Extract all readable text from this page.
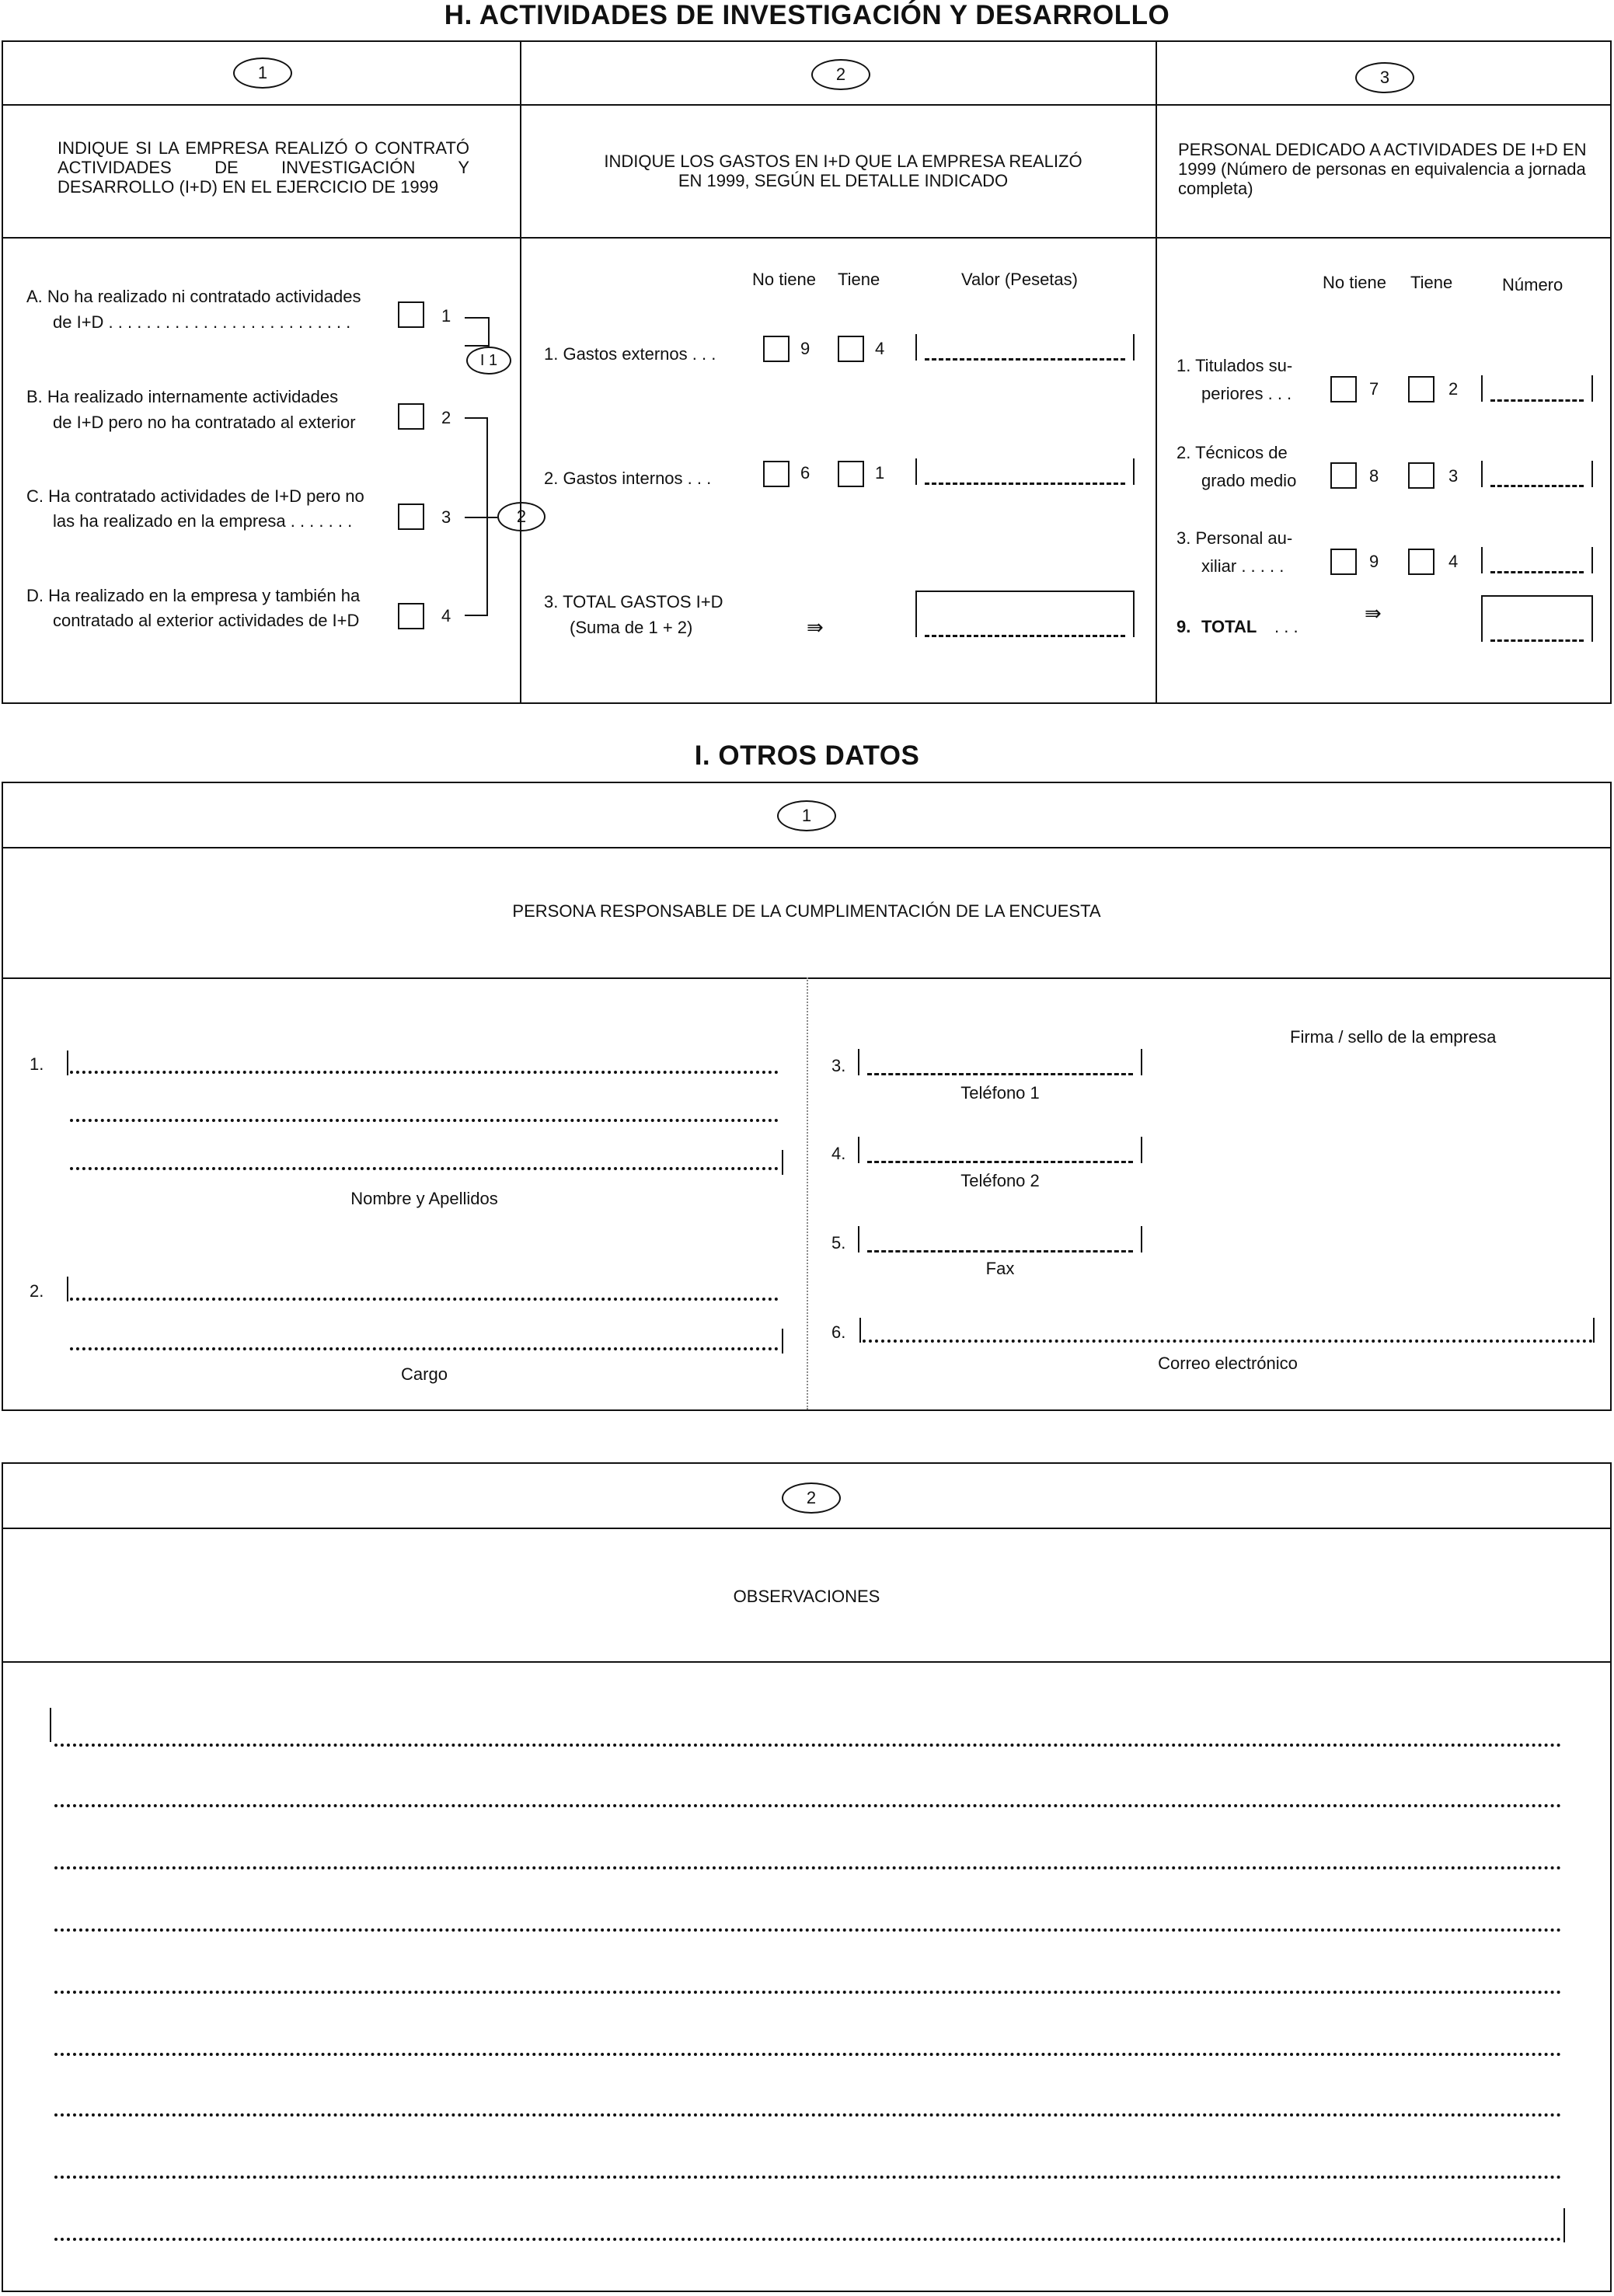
H. ACTIVIDADES DE INVESTIGACIÓN Y DESARROLLO
1	2	3
INDIQUE SI LA EMPRESA REALIZÓ O CONTRATÓ ACTIVIDADES DE INVESTIGACIÓN Y DESARROLLO (I+D) EN EL EJERCICIO DE 1999
INDIQUE LOS GASTOS EN I+D QUE LA EMPRESA REALIZÓ EN 1999, SEGÚN EL DETALLE INDICADO
PERSONAL DEDICADO A ACTIVIDADES DE I+D EN 1999 (Número de personas en equivalencia a jornada completa)
A. No ha realizado ni contratado actividades
de I+D . . . . . . . . . . . . . . . . . . . . . . . . . .	1
B. Ha realizado internamente actividades
de I+D pero no ha contratado al exterior	2
C. Ha contratado actividades de I+D pero no
las ha realizado en la empresa . . . . . . .	3
D. Ha realizado en la empresa y también ha
contratado al exterior actividades de I+D	4
I 1
2
No tiene Tiene	Valor (Pesetas)
1. Gastos externos . . .	9	4
2. Gastos internos . . .	6	1
3. TOTAL GASTOS I+D
(Suma de 1 + 2)	⇛
No tiene Tiene	Número
1. Titulados su-
periores . . .	7	2
2. Técnicos de
grado medio	8	3
3. Personal au-
xiliar . . . . .	9	4
9. TOTAL . . .
⇛
I. OTROS DATOS
1
PERSONA RESPONSABLE DE LA CUMPLIMENTACIÓN DE LA ENCUESTA
1.
Nombre y Apellidos
2.
Cargo
Firma / sello de la empresa
3.
Teléfono 1
4.
Teléfono 2
5.
Fax
6.
Correo electrónico
2
OBSERVACIONES
